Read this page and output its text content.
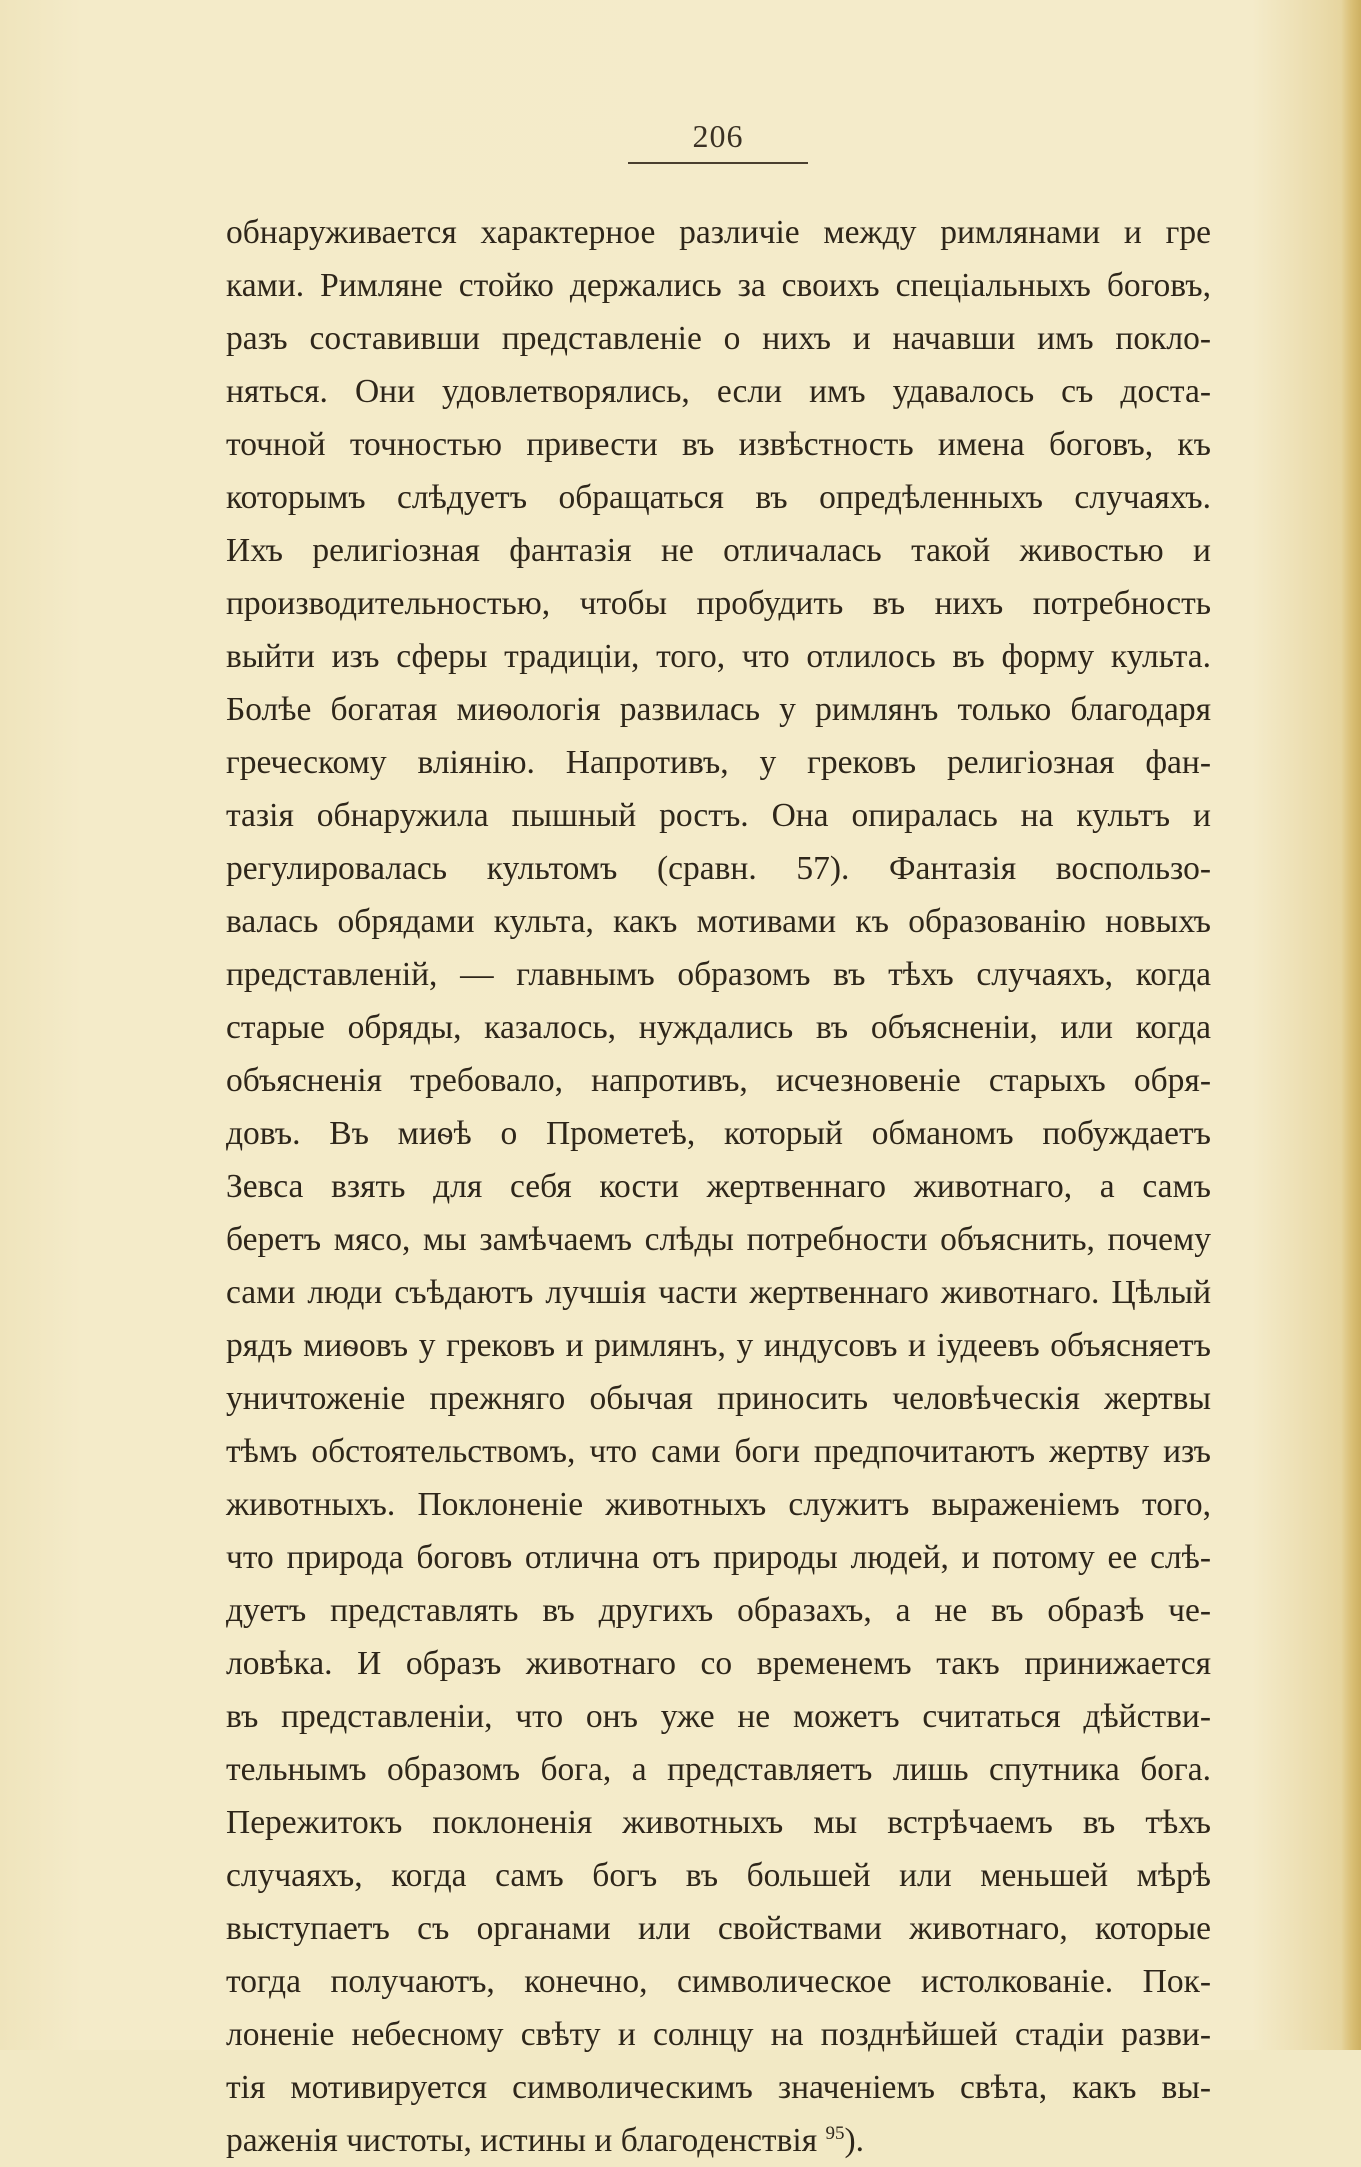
206
обнаруживается характерное различіе между римлянами и гре
ками. Римляне стойко держались за своихъ спеціальныхъ боговъ,
разъ составивши представленіе о нихъ и начавши имъ покло-
няться. Они удовлетворялись, если имъ удавалось съ доста-
точной точностью привести въ извѣстность имена боговъ, къ
которымъ слѣдуетъ обращаться въ опредѣленныхъ случаяхъ.
Ихъ религіозная фантазія не отличалась такой живостью и
производительностью, чтобы пробудить въ нихъ потребность
выйти изъ сферы традиціи, того, что отлилось въ форму культа.
Болѣе богатая миѳологія развилась у римлянъ только благодаря
греческому вліянію. Напротивъ, у грековъ религіозная фан-
тазія обнаружила пышный ростъ. Она опиралась на культъ и
регулировалась культомъ (сравн. 57). Фантазія воспользо-
валась обрядами культа, какъ мотивами къ образованію новыхъ
представленій, — главнымъ образомъ въ тѣхъ случаяхъ, когда
старые обряды, казалось, нуждались въ объясненіи, или когда
объясненія требовало, напротивъ, исчезновеніе старыхъ обря-
довъ. Въ миѳѣ о Прометеѣ, который обманомъ побуждаетъ
Зевса взять для себя кости жертвеннаго животнаго, а самъ
беретъ мясо, мы замѣчаемъ слѣды потребности объяснить, почему
сами люди съѣдаютъ лучшія части жертвеннаго животнаго. Цѣлый
рядъ миѳовъ у грековъ и римлянъ, у индусовъ и іудеевъ объясняетъ
уничтоженіе прежняго обычая приносить человѣческія жертвы
тѣмъ обстоятельствомъ, что сами боги предпочитаютъ жертву изъ
животныхъ. Поклоненіе животныхъ служитъ выраженіемъ того,
что природа боговъ отлична отъ природы людей, и потому ее слѣ-
дуетъ представлять въ другихъ образахъ, а не въ образѣ че-
ловѣка. И образъ животнаго со временемъ такъ принижается
въ представленіи, что онъ уже не можетъ считаться дѣйстви-
тельнымъ образомъ бога, а представляетъ лишь спутника бога.
Пережитокъ поклоненія животныхъ мы встрѣчаемъ въ тѣхъ
случаяхъ, когда самъ богъ въ большей или меньшей мѣрѣ
выступаетъ съ органами или свойствами животнаго, которые
тогда получаютъ, конечно, символическое истолкованіе. Пок-
лоненіе небесному свѣту и солнцу на позднѣйшей стадіи разви-
тія мотивируется символическимъ значеніемъ свѣта, какъ вы-
раженія чистоты, истины и благоденствія $^{95}$).
